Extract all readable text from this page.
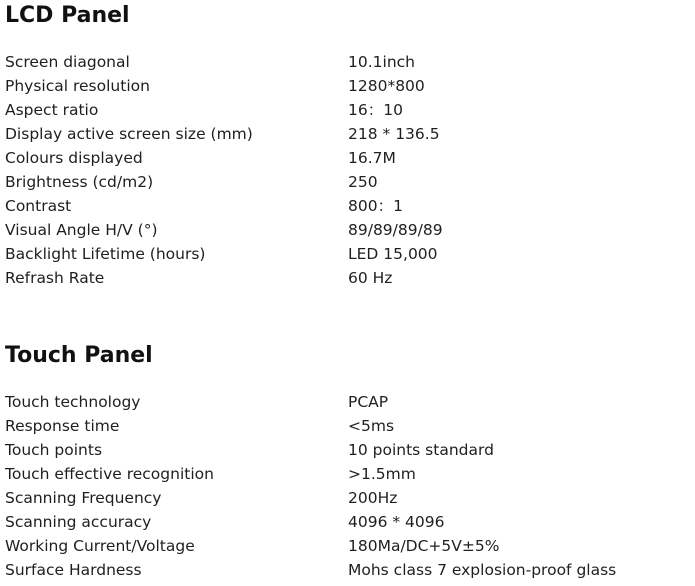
LCD Panel
Screen diagonal	10.1inch
Physical resolution	1280*800
Aspect ratio	16：10
Display active screen size (mm)	218 * 136.5
Colours displayed	16.7M
Brightness (cd/m2)	250
Contrast	800：1
Visual Angle H/V (°)	89/89/89/89
Backlight Lifetime (hours)	LED 15,000
Refrash Rate	60 Hz
Touch Panel
Touch technology	PCAP
Response time	<5ms
Touch points	10 points standard
Touch effective recognition	>1.5mm
Scanning Frequency	200Hz
Scanning accuracy	4096 * 4096
Working Current/Voltage	180Ma/DC+5V±5%
Surface Hardness	Mohs class 7 explosion-proof glass
